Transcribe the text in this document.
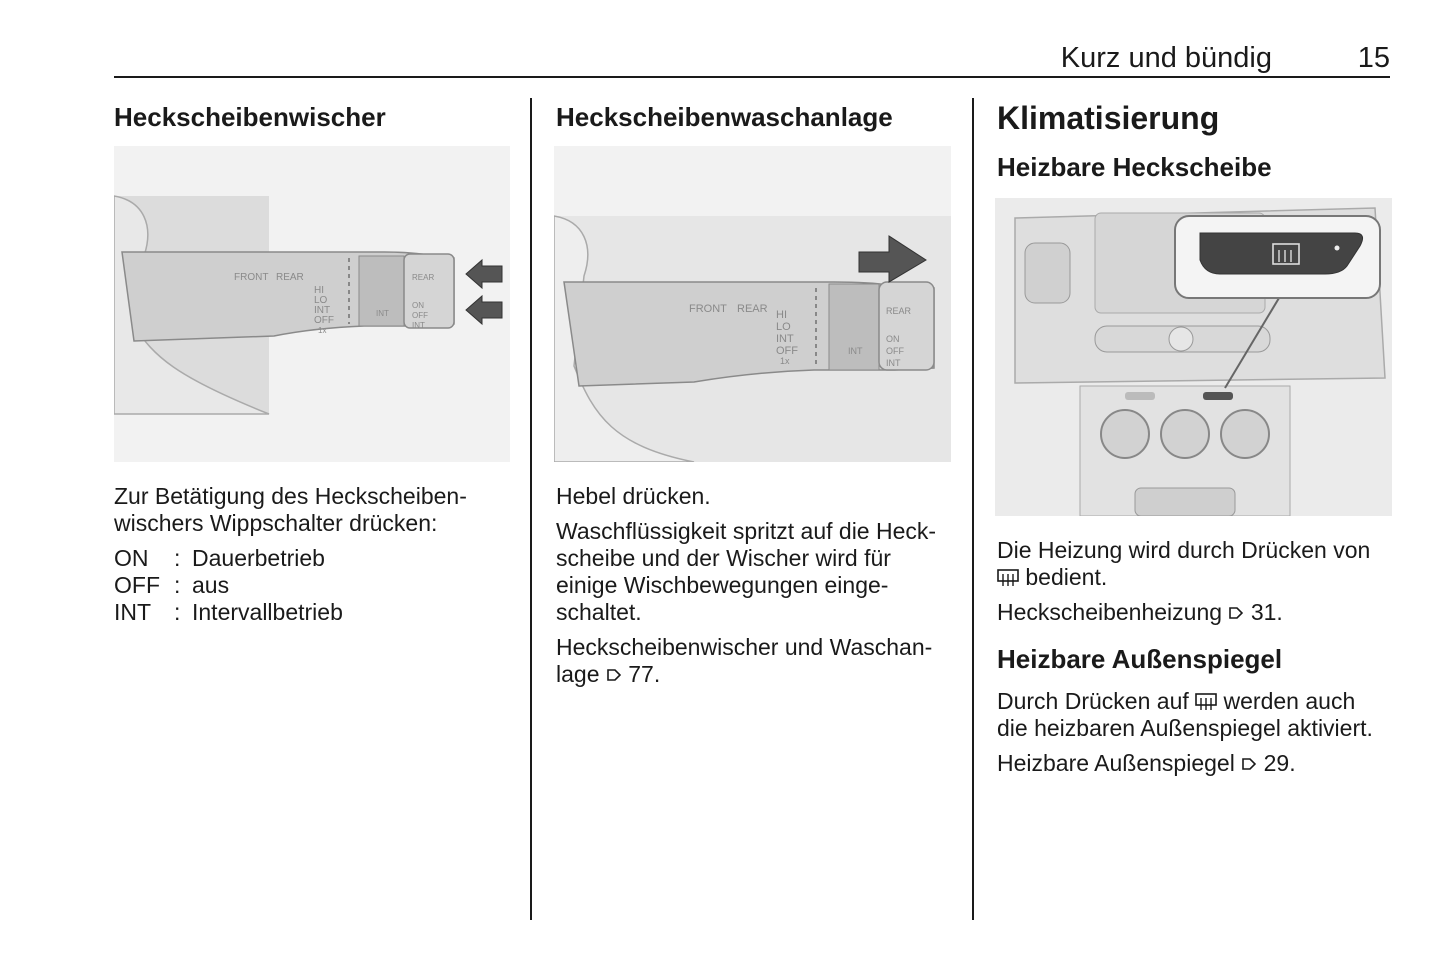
Kurz und bündig	15
Heckscheibenwischer
FRONT REAR
HI
LO
INT
OFF
1x
INT
REAR
ON
OFF
INT

Zur Betätigung des Heckscheiben-

wischers Wippschalter drücken:

ON	: Dauerbetrieb
OFF : aus
INT : Intervallbetrieb
Heckscheibenwaschanlage
FRONT REAR HI
LO
INT
OFF
1x
INT
REAR
ON
OFF
INT

Hebel drücken.

Waschflüssigkeit spritzt auf die Heck-

scheibe und der Wischer wird für

einige Wischbewegungen einge-

schaltet.

Heckscheibenwischer und Waschan-

lage 77.

Klimatisierung
Heizbare Heckscheibe

Die Heizung wird durch Drücken von

bedient.

Heckscheibenheizung 31.

Heizbare Außenspiegel

Durch Drücken auf werden auch

die heizbaren Außenspiegel aktiviert.

Heizbare Außenspiegel 29.
